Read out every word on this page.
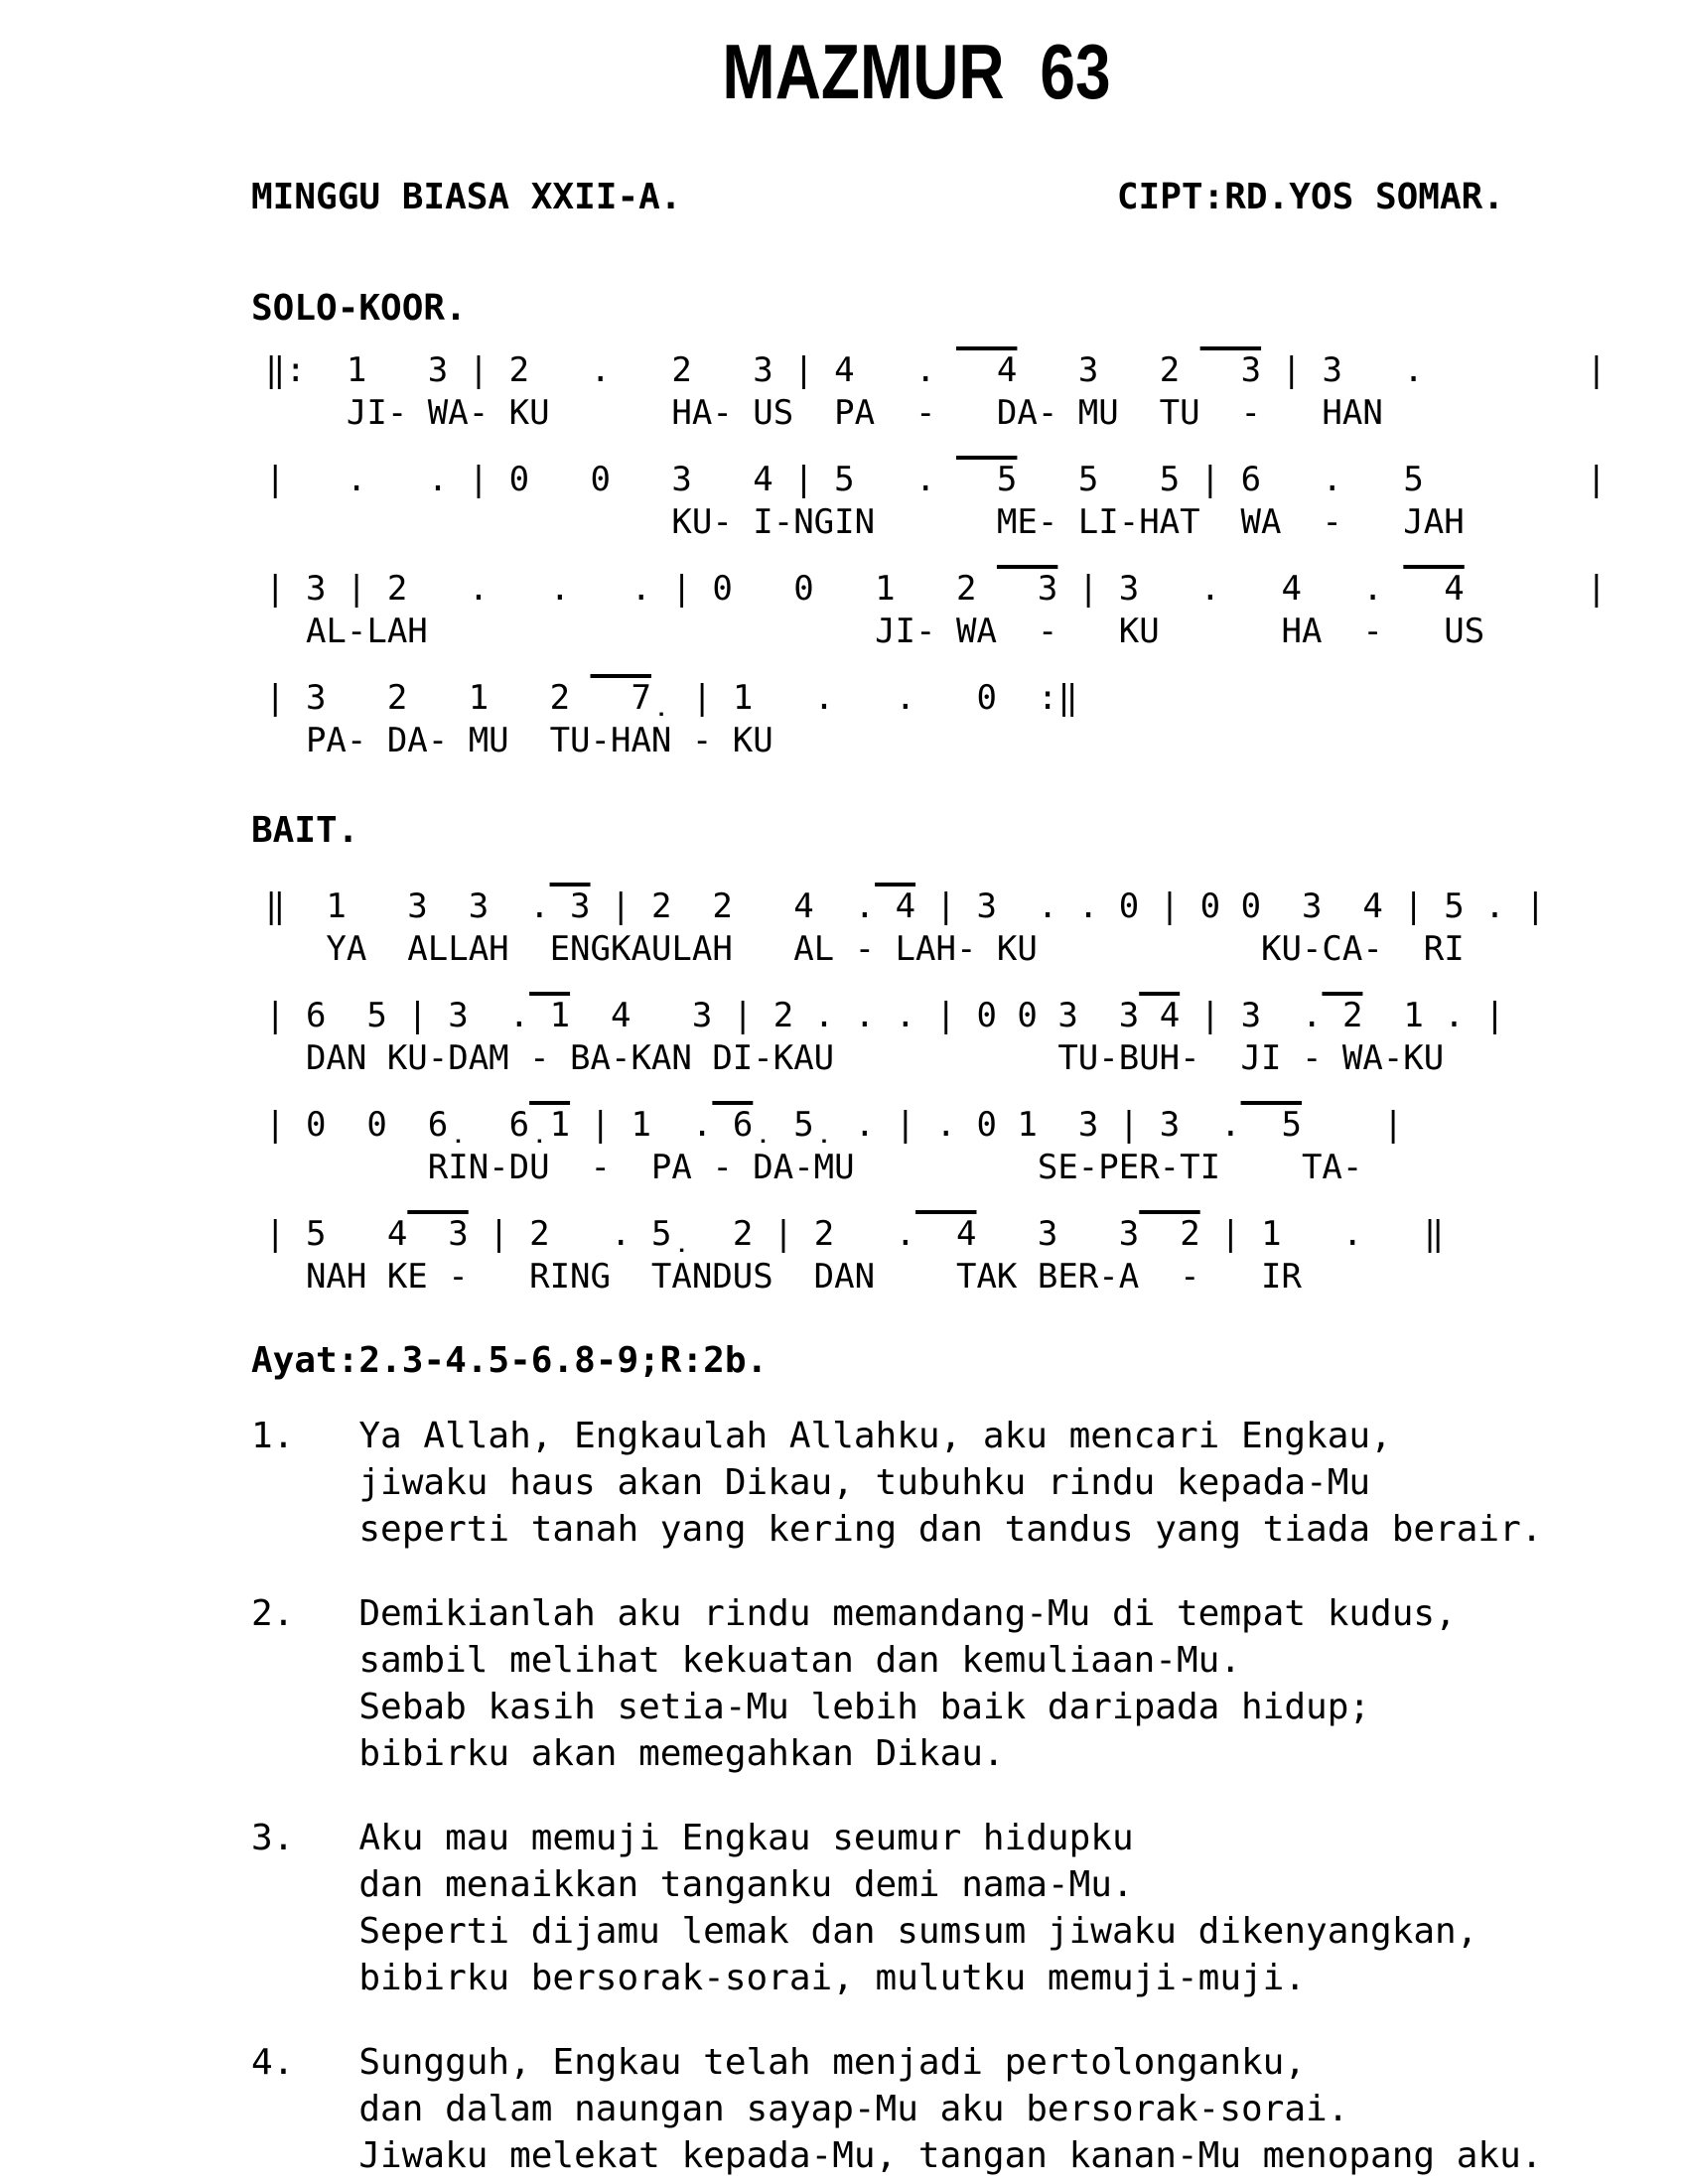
MAZMUR 63
MINGGU BIASA XXII-A.	CIPT:RD.YOS SOMAR.
SOLO-KOOR.
‖:  1   3 | 2   .   2   3 | 4   .   4   3   2   3 | 3   .        |
JI- WA- KU      HA- US  PA  -   DA- MU  TU  -   HAN
|   .   . | 0   0   3   4 | 5   .   5   5   5 | 6   .   5        |
KU- I-NGIN      ME- LI-HAT  WA  -   JAH
| 3 | 2   .   .   . | 0   0   1   2   3 | 3   .   4   .   4      |
AL-LAH                      JI- WA  -   KU      HA  -   US
| 3   2   1   2   7̣  | 1   .   .   0  :‖
PA- DA- MU  TU-HAN - KU
BAIT.
‖  1   3  3  . 3 | 2  2   4  . 4 | 3  . . 0 | 0 0  3  4 | 5 . |
YA  ALLAH  ENGKAULAH   AL - LAH- KU           KU-CA-  RI
| 6  5 | 3  . 1  4   3 | 2 . . . | 0 0 3  3 4 | 3  . 2  1 . |
DAN KU-DAM - BA-KAN DI-KAU           TU-BUH-  JI - WA-KU
| 0  0  6̣   6̣ 1 | 1  . 6̣  5̣  . | . 0 1  3 | 3  .  5    |
RIN-DU  -  PA - DA-MU         SE-PER-TI    TA-
| 5   4  3 | 2   . 5̣   2 | 2   .  4   3   3  2 | 1   .   ‖
NAH KE -   RING  TANDUS  DAN    TAK BER-A  -   IR
Ayat:2.3-4.5-6.8-9;R:2b.
1.   Ya Allah, Engkaulah Allahku, aku mencari Engkau,
jiwaku haus akan Dikau, tubuhku rindu kepada-Mu
seperti tanah yang kering dan tandus yang tiada berair.
2.   Demikianlah aku rindu memandang-Mu di tempat kudus,
sambil melihat kekuatan dan kemuliaan-Mu.
Sebab kasih setia-Mu lebih baik daripada hidup;
bibirku akan memegahkan Dikau.
3.   Aku mau memuji Engkau seumur hidupku
dan menaikkan tanganku demi nama-Mu.
Seperti dijamu lemak dan sumsum jiwaku dikenyangkan,
bibirku bersorak-sorai, mulutku memuji-muji.
4.   Sungguh, Engkau telah menjadi pertolonganku,
dan dalam naungan sayap-Mu aku bersorak-sorai.
Jiwaku melekat kepada-Mu, tangan kanan-Mu menopang aku.
